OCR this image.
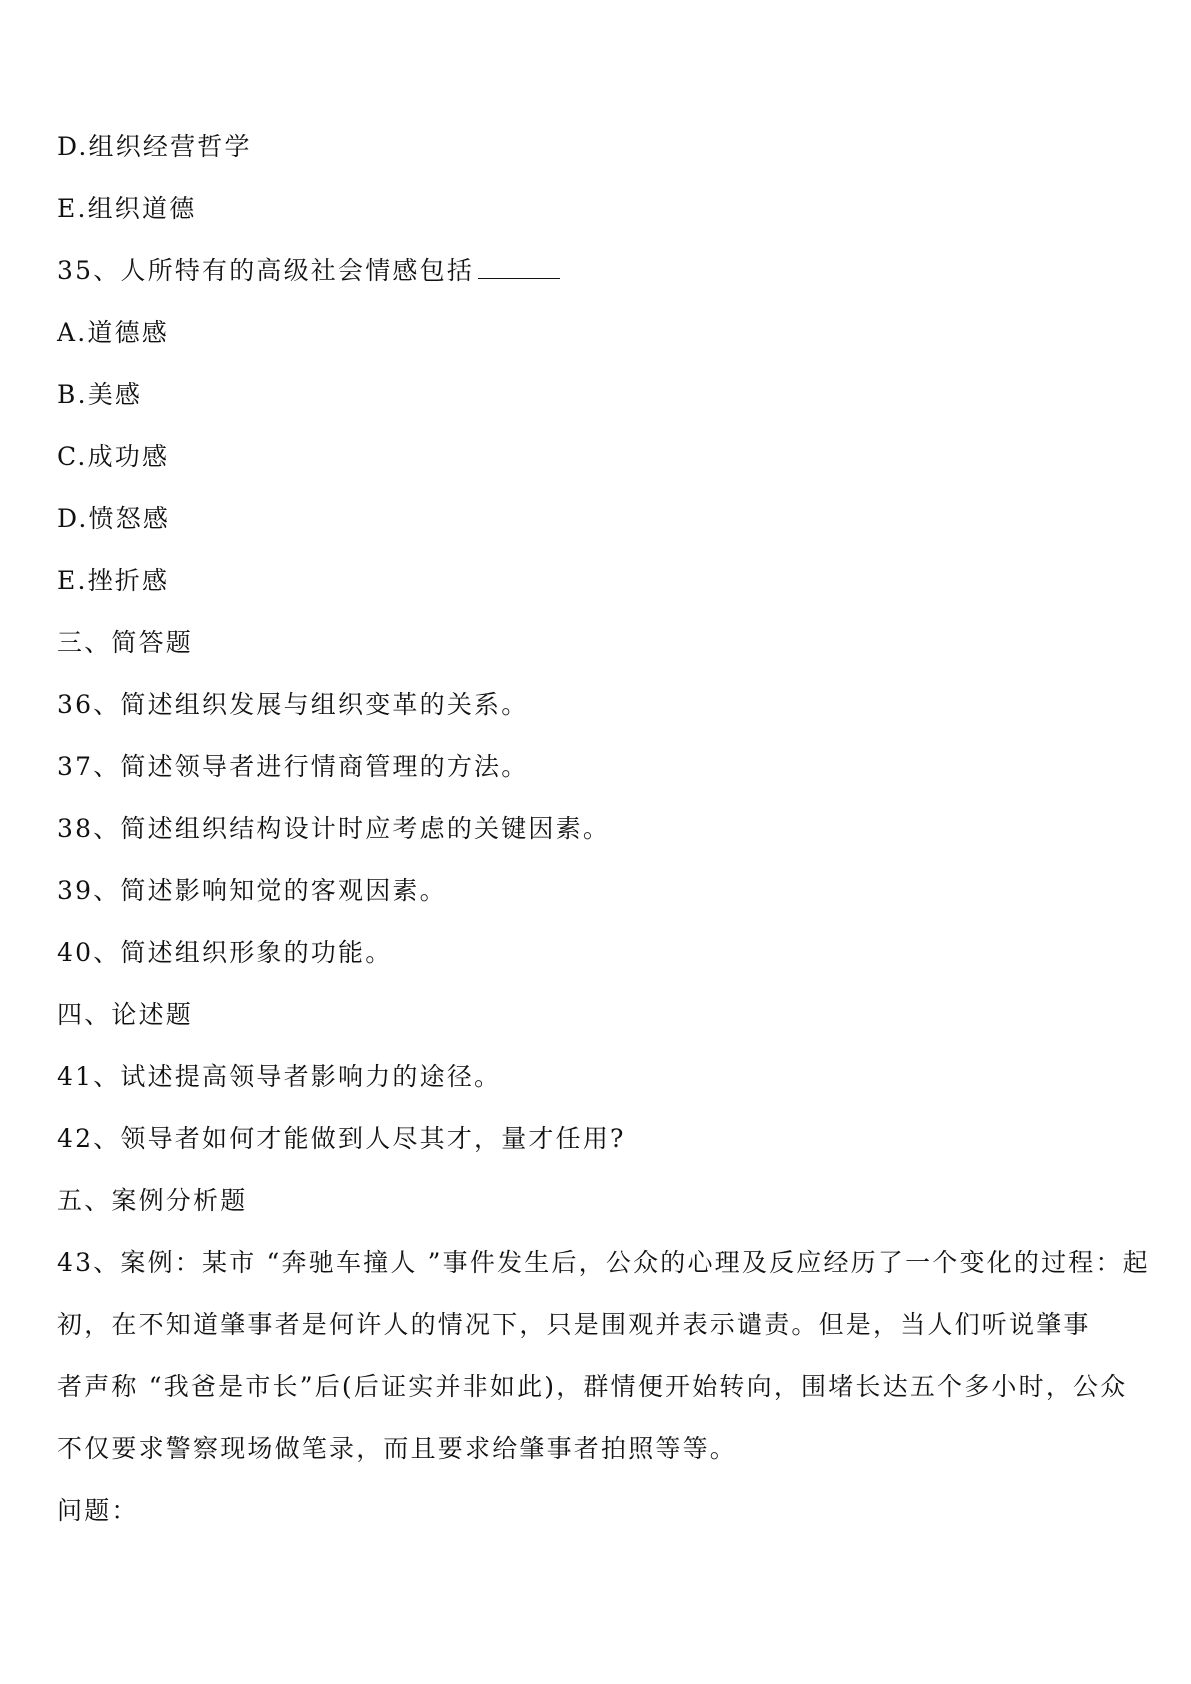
D.组织经营哲学
E.组织道德
35、人所特有的高级社会情感包括
A.道德感
B.美感
C.成功感
D.愤怒感
E.挫折感
三、简答题
36、简述组织发展与组织变革的关系。
37、简述领导者进行情商管理的方法。
38、简述组织结构设计时应考虑的关键因素。
39、简述影响知觉的客观因素。
40、简述组织形象的功能。
四、论述题
41、试述提高领导者影响力的途径。
42、领导者如何才能做到人尽其才，量才任用?
五、案例分析题
43、案例：某市 “奔驰车撞人 ”事件发生后，公众的心理及反应经历了一个变化的过程：起
初，在不知道肇事者是何许人的情况下，只是围观并表示谴责。但是，当人们听说肇事
者声称 “我爸是市长”后(后证实并非如此)，群情便开始转向，围堵长达五个多小时，公众
不仅要求警察现场做笔录，而且要求给肇事者拍照等等。
问题：
